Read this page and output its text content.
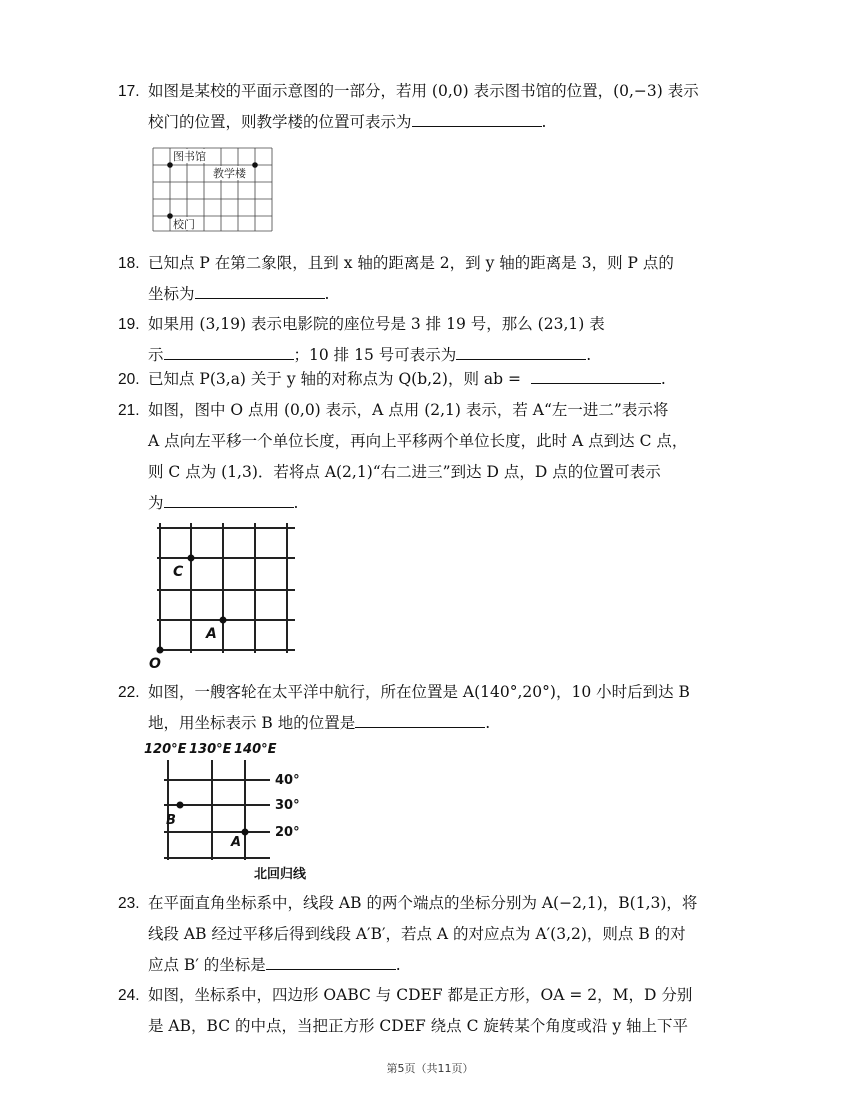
17. 如图是某校的平面示意图的一部分，若用 (0,0) 表示图书馆的位置，(0,−3) 表示
校门的位置，则教学楼的位置可表示为	.
图书馆
教学楼
校门
18. 已知点 P 在第二象限，且到 x 轴的距离是 2，到 y 轴的距离是 3，则 P 点的
坐标为	.
19. 如果用 (3,19) 表示电影院的座位号是 3 排 19 号，那么 (23,1) 表
示	；10 排 15 号可表示为	.
20. 已知点 P(3,a) 关于 y 轴的对称点为 Q(b,2)，则 ab =	.
21. 如图，图中 O 点用 (0,0) 表示，A 点用 (2,1) 表示，若 A“左一进二”表示将
A 点向左平移一个单位长度，再向上平移两个单位长度，此时 A 点到达 C 点，
则 C 点为 (1,3)．若将点 A(2,1)“右二进三”到达 D 点，D 点的位置可表示
为	.
C
A
O
22. 如图，一艘客轮在太平洋中航行，所在位置是 A(140°,20°)，10 小时后到达 B
地，用坐标表示 B 地的位置是	.
120°E 130°E 140°E
40°
30°
20°
B
A
北回归线
23. 在平面直角坐标系中，线段 AB 的两个端点的坐标分别为 A(−2,1)，B(1,3)，将
线段 AB 经过平移后得到线段 A′B′，若点 A 的对应点为 A′(3,2)，则点 B 的对
应点 B′ 的坐标是	.
24. 如图，坐标系中，四边形 OABC 与 CDEF 都是正方形，OA = 2，M，D 分别
是 AB，BC 的中点，当把正方形 CDEF 绕点 C 旋转某个角度或沿 y 轴上下平
第5页（共11页）
